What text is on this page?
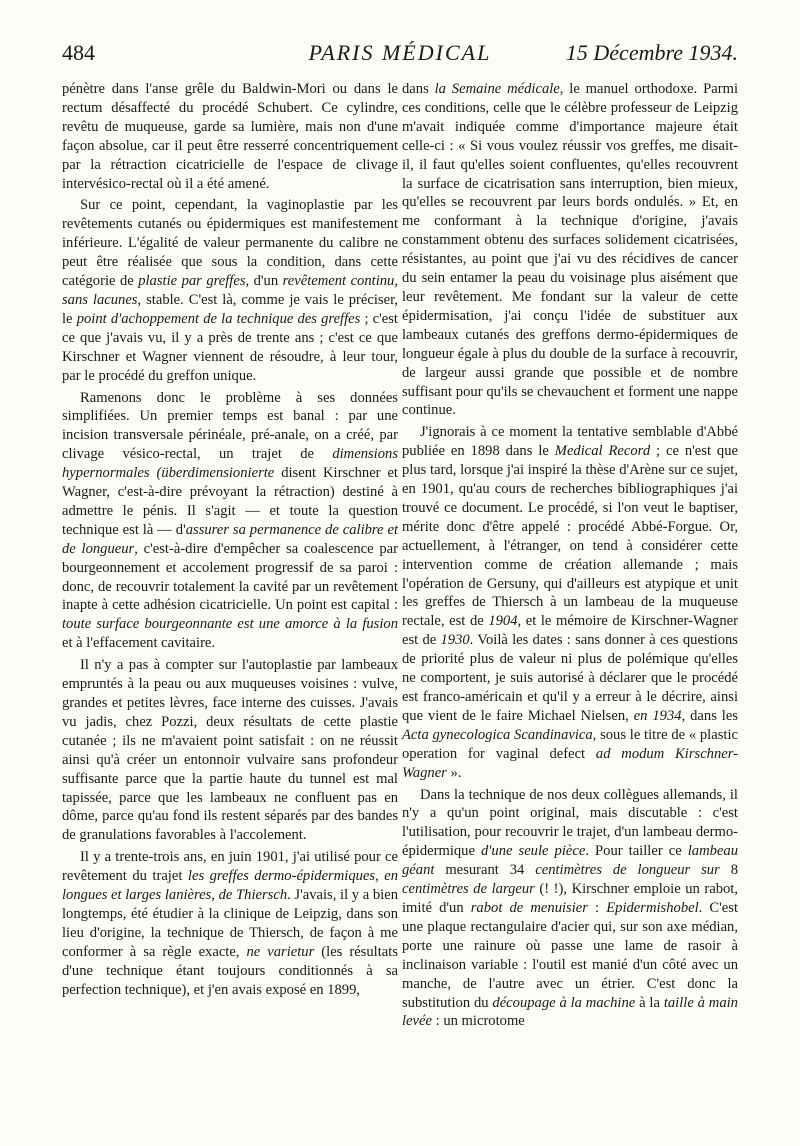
484	PARIS MÉDICAL	15 Décembre 1934.

pénètre dans l'anse grêle du Baldwin-Mori ou dans le rectum désaffecté du procédé Schubert. Ce cylindre, revêtu de muqueuse, garde sa lumière, mais non d'une façon absolue, car il peut être resserré concentriquement par la rétraction cicatricielle de l'espace de clivage intervésico-rectal où il a été amené.

Sur ce point, cependant, la vaginoplastie par les revêtements cutanés ou épidermiques est manifestement inférieure. L'égalité de valeur permanente du calibre ne peut être réalisée que sous la condition, dans cette catégorie de plastie par greffes, d'un revêtement continu, sans lacunes, stable. C'est là, comme je vais le préciser, le point d'achoppement de la technique des greffes ; c'est ce que j'avais vu, il y a près de trente ans ; c'est ce que Kirschner et Wagner viennent de résoudre, à leur tour, par le procédé du greffon unique.

Ramenons donc le problème à ses données simplifiées. Un premier temps est banal : par une incision transversale périnéale, pré-anale, on a créé, par clivage vésico-rectal, un trajet de dimensions hypernormales (überdimensionierte disent Kirschner et Wagner, c'est-à-dire prévoyant la rétraction) destiné à admettre le pénis. Il s'agit — et toute la question technique est là — d'assurer sa permanence de calibre et de longueur, c'est-à-dire d'empêcher sa coalescence par bourgeonnement et accolement progressif de sa paroi : donc, de recouvrir totalement la cavité par un revêtement inapte à cette adhésion cicatricielle. Un point est capital : toute surface bourgeonnante est une amorce à la fusion et à l'effacement cavitaire.

Il n'y a pas à compter sur l'autoplastie par lambeaux empruntés à la peau ou aux muqueuses voisines : vulve, grandes et petites lèvres, face interne des cuisses. J'avais vu jadis, chez Pozzi, deux résultats de cette plastie cutanée ; ils ne m'avaient point satisfait : on ne réussit ainsi qu'à créer un entonnoir vulvaire sans profondeur suffisante parce que la partie haute du tunnel est mal tapissée, parce que les lambeaux ne confluent pas en dôme, parce qu'au fond ils restent séparés par des bandes de granulations favorables à l'accolement.

Il y a trente-trois ans, en juin 1901, j'ai utilisé pour ce revêtement du trajet les greffes dermo-épidermiques, en longues et larges lanières, de Thiersch. J'avais, il y a bien longtemps, été étudier à la clinique de Leipzig, dans son lieu d'origine, la technique de Thiersch, de façon à me conformer à sa règle exacte, ne varietur (les résultats d'une technique étant toujours conditionnés à sa perfection technique), et j'en avais exposé en 1899,

dans la Semaine médicale, le manuel orthodoxe. Parmi ces conditions, celle que le célèbre professeur de Leipzig m'avait indiquée comme d'importance majeure était celle-ci : « Si vous voulez réussir vos greffes, me disait-il, il faut qu'elles soient confluentes, qu'elles recouvrent la surface de cicatrisation sans interruption, bien mieux, qu'elles se recouvrent par leurs bords ondulés. » Et, en me conformant à la technique d'origine, j'avais constamment obtenu des surfaces solidement cicatrisées, résistantes, au point que j'ai vu des récidives de cancer du sein entamer la peau du voisinage plus aisément que leur revêtement. Me fondant sur la valeur de cette épidermisation, j'ai conçu l'idée de substituer aux lambeaux cutanés des greffons dermo-épidermiques de longueur égale à plus du double de la surface à recouvrir, de largeur aussi grande que possible et de nombre suffisant pour qu'ils se chevauchent et forment une nappe continue.

J'ignorais à ce moment la tentative semblable d'Abbé publiée en 1898 dans le Medical Record ; ce n'est que plus tard, lorsque j'ai inspiré la thèse d'Arène sur ce sujet, en 1901, qu'au cours de recherches bibliographiques j'ai trouvé ce document. Le procédé, si l'on veut le baptiser, mérite donc d'être appelé : procédé Abbé-Forgue. Or, actuellement, à l'étranger, on tend à considérer cette intervention comme de création allemande ; mais l'opération de Gersuny, qui d'ailleurs est atypique et unit les greffes de Thiersch à un lambeau de la muqueuse rectale, est de 1904, et le mémoire de Kirschner-Wagner est de 1930. Voilà les dates : sans donner à ces questions de priorité plus de valeur ni plus de polémique qu'elles ne comportent, je suis autorisé à déclarer que le procédé est franco-américain et qu'il y a erreur à le décrire, ainsi que vient de le faire Michael Nielsen, en 1934, dans les Acta gynecologica Scandinavica, sous le titre de « plastic operation for vaginal defect ad modum Kirschner-Wagner ».

Dans la technique de nos deux collègues allemands, il n'y a qu'un point original, mais discutable : c'est l'utilisation, pour recouvrir le trajet, d'un lambeau dermo-épidermique d'une seule pièce. Pour tailler ce lambeau géant mesurant 34 centimètres de longueur sur 8 centimètres de largeur (! !), Kirschner emploie un rabot, imité d'un rabot de menuisier : Epidermishobel. C'est une plaque rectangulaire d'acier qui, sur son axe médian, porte une rainure où passe une lame de rasoir à inclinaison variable : l'outil est manié d'un côté avec un manche, de l'autre avec un étrier. C'est donc la substitution du découpage à la machine à la taille à main levée : un microtome
